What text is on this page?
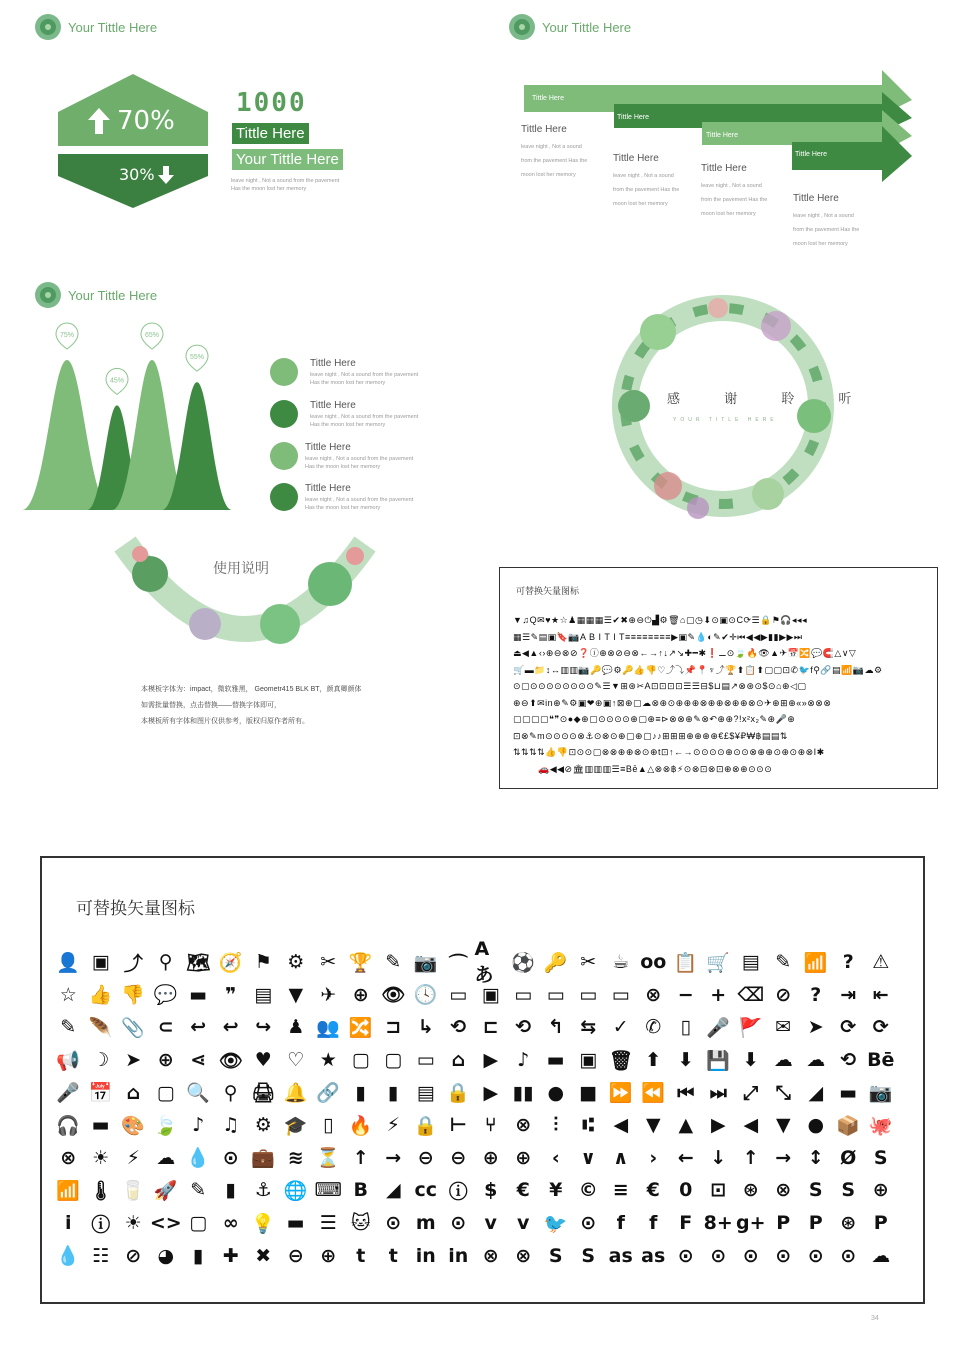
Your Tittle Here
70%
30%
1000
Tittle Here
Your Tittle Here
leave night , Not a sound from the pavement
Has the moon lost her memory
Your Tittle Here
Tittle Here
Tittle Here
Tittle Here
Tittle Here
Tittle Here
leave night , Not a sound
from the pavement Has the
moon lost her memory
Tittle Here
leave night , Not a sound
from the pavement Has the
moon lost her memory
Tittle Here
leave night , Not a sound
from the pavement Has the
moon lost her memory
Tittle Here
leave night , Not a sound
from the pavement Has the
moon lost her memory
Your Tittle Here
75%
45%
65%
55%
Tittle Here
leave night , Not a sound from the pavement
Has the moon lost her memory
Tittle Here
leave night , Not a sound from the pavement
Has the moon lost her memory
Tittle Here
leave night , Not a sound from the pavement
Has the moon lost her memory
Tittle Here
leave night , Not a sound from the pavement
Has the moon lost her memory
感 谢 聆 听
YOUR TITLE HERE
使用说明
本模板字体为：impact，微软雅黑， Geometr415 BLK BT，颜真卿颜体
如需批量替换，点击替换——替换字体即可，
本模板所有字体和图片仅供参考，版权归原作者所有。
可替换矢量图标
▼♫Q✉♥★☆♟▦▦▦☰✔✖⊕⊖⏻▟⚙🗑⌂▢◷⬇⊙▣⊙C⟳☰🔒⚑🎧◂◂◂
▦☰✎▤▣🔖📷A B I T I T≡≡≡≡≡≡≡≡▶▣✎💧◐✎✔✛⏮◀◀▶▮▮▶▶⏭
⏏◀▲‹›⊕⊖⊗⊘❓ⓘ⊕⊗⊘⊖⊗←→↑↓↗↘✚━✱❗⚊⊙🍃🔥👁▲✈📅🔀💬🧲△∨▽
🛒▬📁↕↔▥▥📷🔑💬⚙🔑👍👎♡⤴⤵📌📍♆⤴🏆⬆📋⬆▢▢⊡✆🐦f⚲🔗▤📶📷☁⚙
⊙▢⊙⊙⊙⊙⊙⊙⊙⊙✎☰▼⊞⊛✂A⊡⊡⊡⊡☰☰⊟$⊔▤↗⊗⊛⊙$⊙⌂⊕◁▢
⊕⊖⬆✉in⊕✎⚙▣❤⊕▣↑⊠⊕▢☁⊗⊕⊙⊕⊕⊕⊗⊕⊕⊗⊕⊕⊗⊙✈⊕⊞⊕«»⊗⊗⊗
▢▢▢▢❝❞⊙●◆⊕▢⊙⊙⊙⊙⊕▢⊕≡⊳⊗⊗⊕✎⊗↶⊕⊕?!x²x₂✎⊕🎤⊕
⊡⊗✎m⊙⊙⊙⊙⊗⚓⊙⊗⊙⊕▢⊕▢♪♪⊞⊞⊞⊕⊕⊕⊕€£$¥₽₩฿▤▤⇅
⇅⇅⇅⇅👍👎⊡⊙⊙▢⊗⊗⊕⊕⊗⊙⊕t⊡↑←→⊙⊙⊙⊙⊕⊙⊙⊗⊕⊕⊙⊕⊙⊕⊗I✱
🚗◀◀⊘🏛▥▥▥☰≡Bē▲△⊗⊗฿⚡⊙⊗⊡⊗⊡⊕⊗⊕⊙⊙⊙
可替换矢量图标
👤 ▣ ⤴ ⚲ 🗺 🧭 ⚑ ⚙ ✂ 🏆 ✎ 📷 ⌒
Aあ
⚽ 🔑 ✂ ☕ oo 📋 🛒 ▤ ✎ 📶 ? ⚠
☆ 👍 👎 💬 ▬ ❞ ▤ ▼ ✈ ⊕ 👁 🕓 ▭ ▣ ▭ ▭ ▭ ▭ ⊗ − + ⌫ ⊘	?	⇥ ⇤
✎ 🪶 📎 ⊂ ↩ ↩ ↪ ♟ 👥 🔀 ⊐ ↳ ⟲ ⊏ ⟲ ↰ ⇆ ✓ ✆	▯ 🎤 🚩 ✉ ➤ ⟳ ⟳
📢 ☽ ➤ ⊕ ⋖ 👁 ♥ ♡ ★ ▢ ▢ ▭ ⌂ ▶	♪ ▬ ▣ 🗑 ⬆ ⬇ 💾 ⬇ ☁ ☁ ⟲ Bē
🎤 📅 ⌂ ▢ 🔍 ⚲ 🖨 🔔 🔗 ▮	▮ ▤ 🔒 ▶ ▮▮ ● ■ ⏩ ⏪ ⏮ ⏭ ⤢ ⤡ ◢ ▬ 📷
🎧 ▬ 🎨 🍃 ♪ ♫ ⚙ 🎓 ▯ 🔥 ⚡ 🔒 ⊢ ⑂ ⊗	⫶	⑆	◀ ▼ ▲ ▶ ◀ ▼ ● 📦 🐙
⊗ ☀ ⚡ ☁ 💧 ⊙ 💼 ≋ ⏳ ↑ → ⊖ ⊖ ⊕ ⊕	‹	∨ ∧	›	← ↓ ↑ → ↕ Ø S
📶 🌡 🥛 🚀 ✎	▮ ⚓ 🌐 ⌨ B ◢ cc ⓘ $	€	¥ © ≡ €	0 ⊡ ⊛ ⊗ S S ⊕
i	ⓘ ☀ <> ▢ ∞ 💡 ▬ ☰ 🐱 ⊙ m ⊙ v	v 🐦 ⊙	f	f	F 8+ g+ P P ⊛ P
💧 ☷ ⊘ ◕ ▮	✚ ✖ ⊖ ⊕	t	t in in ⊗ ⊗ S S as as ⊙ ⊙ ⊙ ⊙ ⊙ ⊙ ☁
34
